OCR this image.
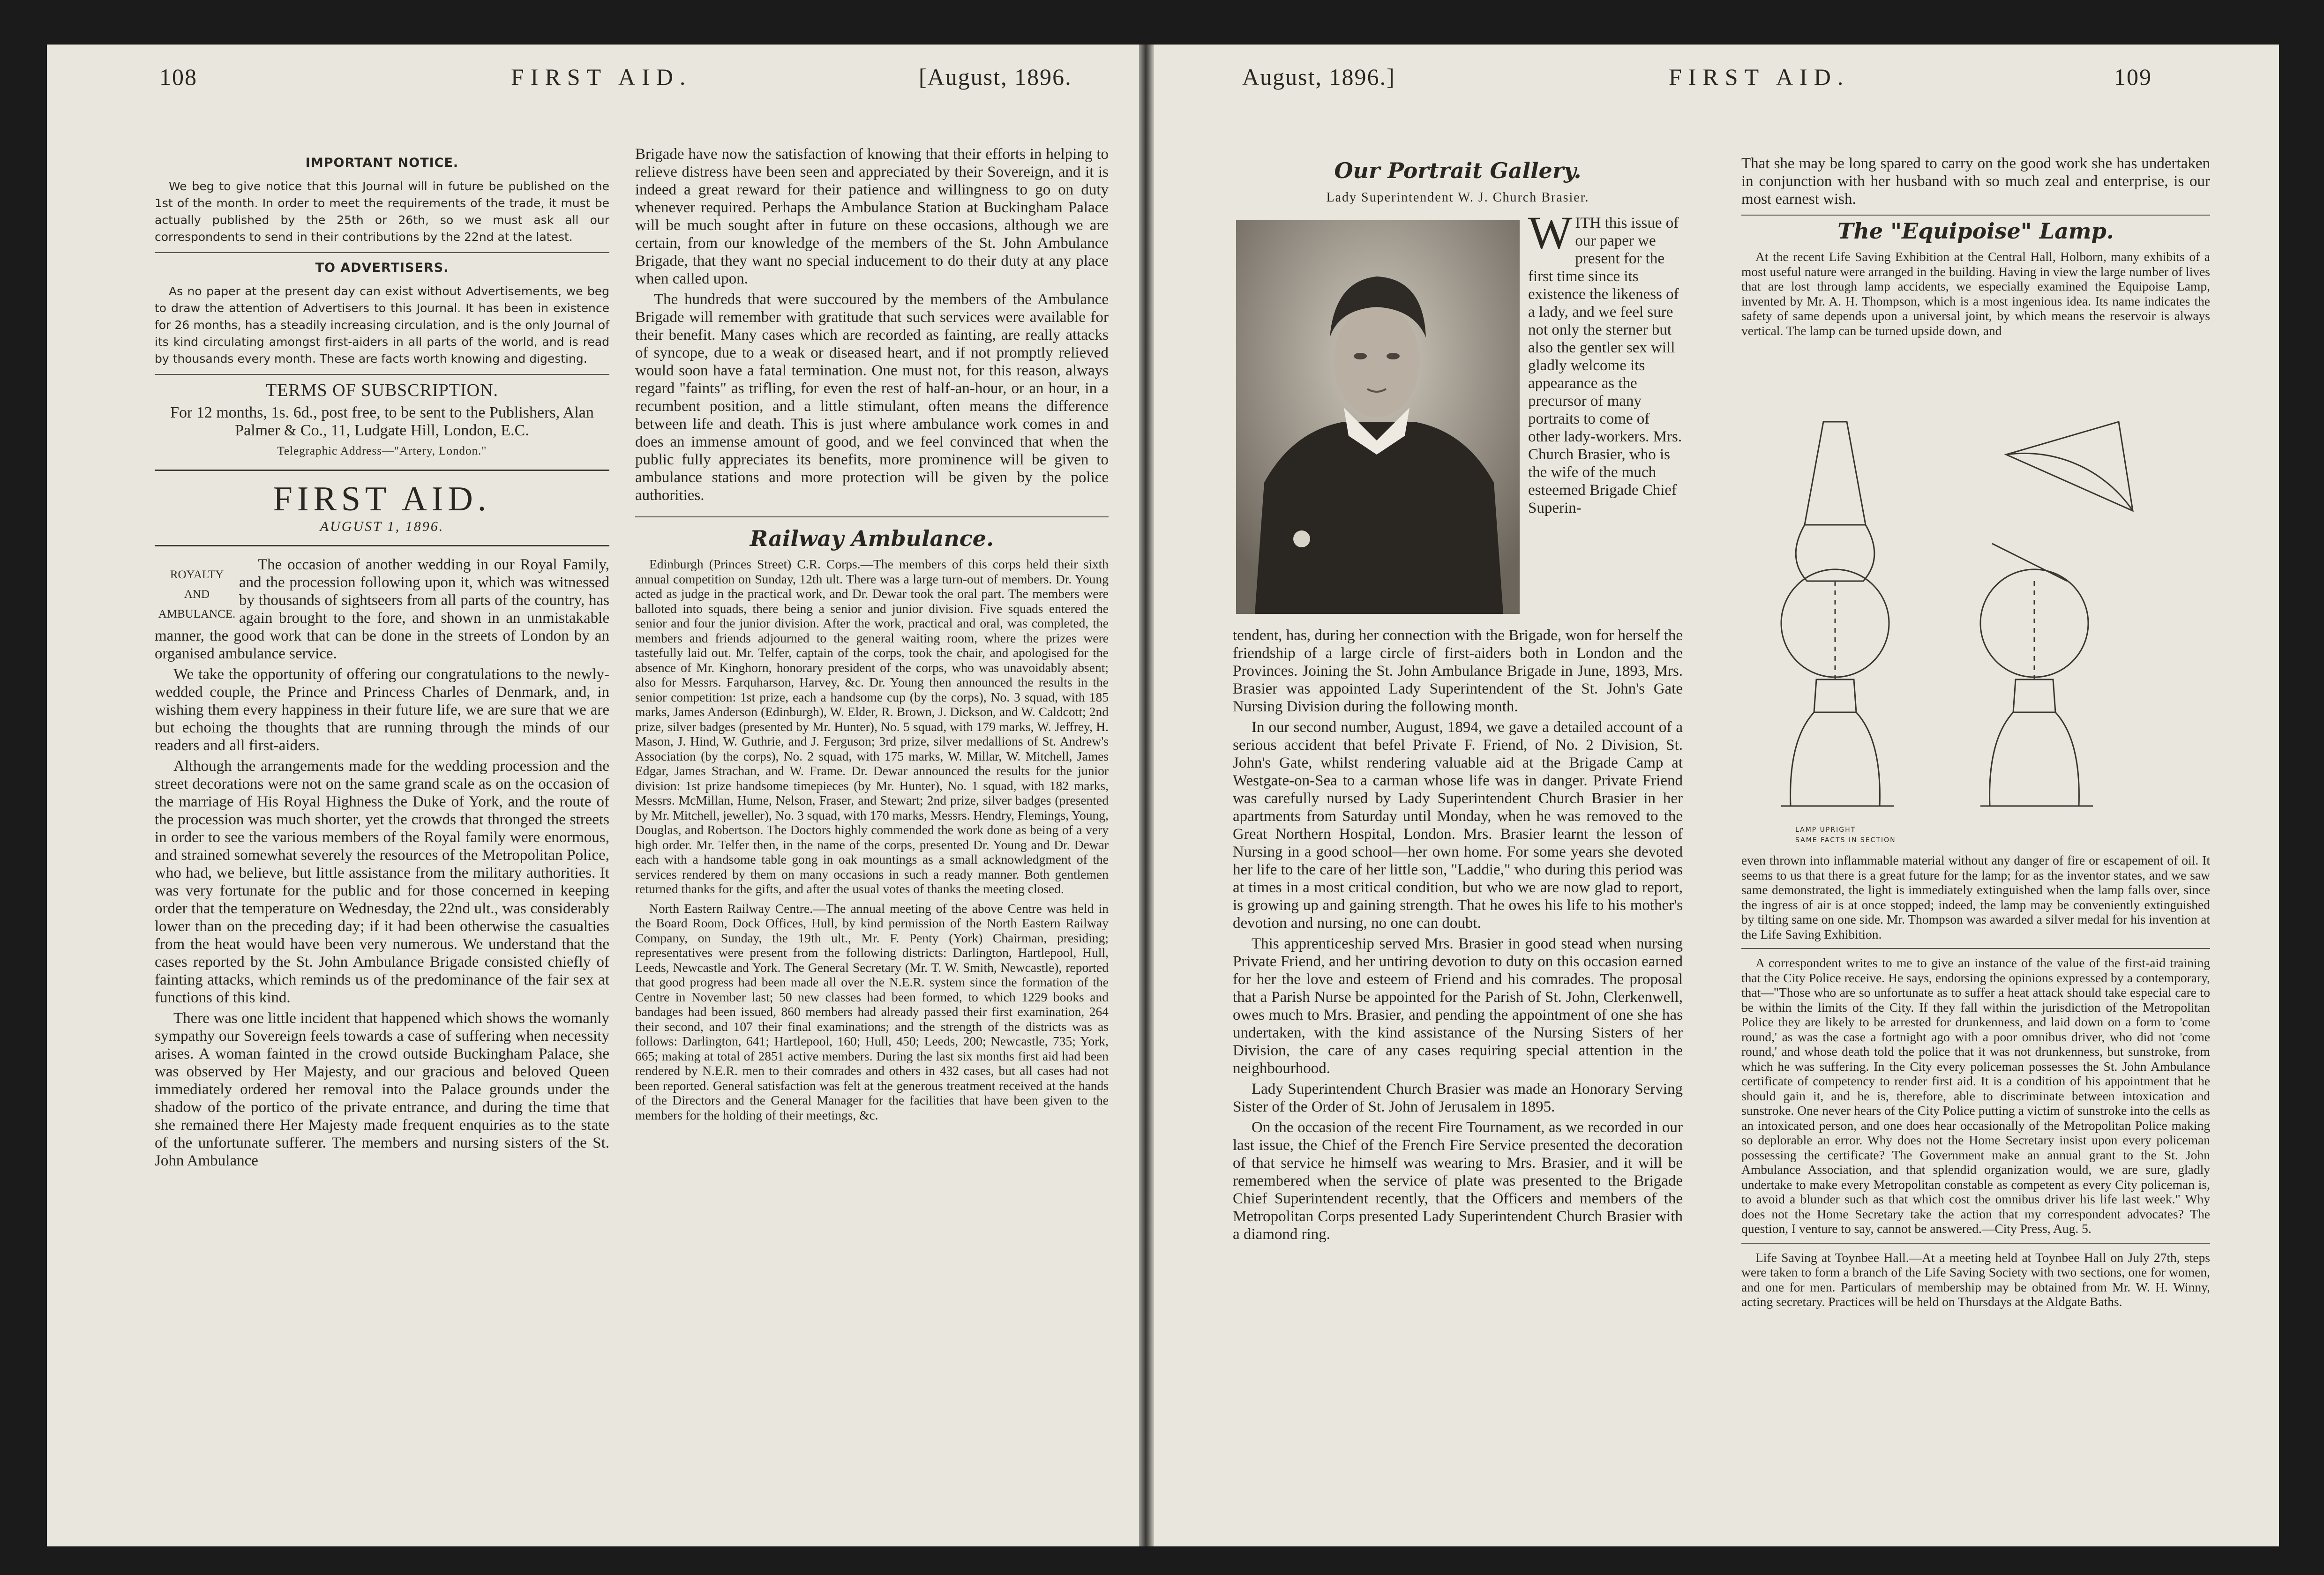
108	FIRST AID.	[August, 1896.
IMPORTANT NOTICE.

We beg to give notice that this Journal will in future be published on the 1st of the month. In order to meet the requirements of the trade, it must be actually published by the 25th or 26th, so we must ask all our correspondents to send in their contributions by the 22nd at the latest.

TO ADVERTISERS.

As no paper at the present day can exist without Advertisements, we beg to draw the attention of Advertisers to this Journal. It has been in existence for 26 months, has a steadily increasing circulation, and is the only Journal of its kind circulating amongst first-aiders in all parts of the world, and is read by thousands every month. These are facts worth knowing and digesting.

TERMS OF SUBSCRIPTION.

For 12 months, 1s. 6d., post free, to be sent to the Publishers, Alan Palmer & Co., 11, Ludgate Hill, London, E.C.

Telegraphic Address—"Artery, London."
FIRST AID.
AUGUST 1, 1896.
ROYALTY
AND
AMBULANCE.

The occasion of another wedding in our Royal Family, and the procession following upon it, which was witnessed by thousands of sightseers from all parts of the country, has again brought to the fore, and shown in an unmistakable manner, the good work that can be done in the streets of London by an organised ambulance service.

We take the opportunity of offering our congratulations to the newly-wedded couple, the Prince and Princess Charles of Denmark, and, in wishing them every happiness in their future life, we are sure that we are but echoing the thoughts that are running through the minds of our readers and all first-aiders.

Although the arrangements made for the wedding procession and the street decorations were not on the same grand scale as on the occasion of the marriage of His Royal Highness the Duke of York, and the route of the procession was much shorter, yet the crowds that thronged the streets in order to see the various members of the Royal family were enormous, and strained somewhat severely the resources of the Metropolitan Police, who had, we believe, but little assistance from the military authorities. It was very fortunate for the public and for those concerned in keeping order that the temperature on Wednesday, the 22nd ult., was considerably lower than on the preceding day; if it had been otherwise the casualties from the heat would have been very numerous. We understand that the cases reported by the St. John Ambulance Brigade consisted chiefly of fainting attacks, which reminds us of the predominance of the fair sex at functions of this kind.

There was one little incident that happened which shows the womanly sympathy our Sovereign feels towards a case of suffering when necessity arises. A woman fainted in the crowd outside Buckingham Palace, she was observed by Her Majesty, and our gracious and beloved Queen immediately ordered her removal into the Palace grounds under the shadow of the portico of the private entrance, and during the time that she remained there Her Majesty made frequent enquiries as to the state of the unfortunate sufferer. The members and nursing sisters of the St. John Ambulance

Brigade have now the satisfaction of knowing that their efforts in helping to relieve distress have been seen and appreciated by their Sovereign, and it is indeed a great reward for their patience and willingness to go on duty whenever required. Perhaps the Ambulance Station at Buckingham Palace will be much sought after in future on these occasions, although we are certain, from our knowledge of the members of the St. John Ambulance Brigade, that they want no special inducement to do their duty at any place when called upon.

The hundreds that were succoured by the members of the Ambulance Brigade will remember with gratitude that such services were available for their benefit. Many cases which are recorded as fainting, are really attacks of syncope, due to a weak or diseased heart, and if not promptly relieved would soon have a fatal termination. One must not, for this reason, always regard "faints" as trifling, for even the rest of half-an-hour, or an hour, in a recumbent position, and a little stimulant, often means the difference between life and death. This is just where ambulance work comes in and does an immense amount of good, and we feel convinced that when the public fully appreciates its benefits, more prominence will be given to ambulance stations and more protection will be given by the police authorities.

Railway Ambulance.

Edinburgh (Princes Street) C.R. Corps.—The members of this corps held their sixth annual competition on Sunday, 12th ult. There was a large turn-out of members. Dr. Young acted as judge in the practical work, and Dr. Dewar took the oral part. The members were balloted into squads, there being a senior and junior division. Five squads entered the senior and four the junior division. After the work, practical and oral, was completed, the members and friends adjourned to the general waiting room, where the prizes were tastefully laid out. Mr. Telfer, captain of the corps, took the chair, and apologised for the absence of Mr. Kinghorn, honorary president of the corps, who was unavoidably absent; also for Messrs. Farquharson, Harvey, &c. Dr. Young then announced the results in the senior competition: 1st prize, each a handsome cup (by the corps), No. 3 squad, with 185 marks, James Anderson (Edinburgh), W. Elder, R. Brown, J. Dickson, and W. Caldcott; 2nd prize, silver badges (presented by Mr. Hunter), No. 5 squad, with 179 marks, W. Jeffrey, H. Mason, J. Hind, W. Guthrie, and J. Ferguson; 3rd prize, silver medallions of St. Andrew's Association (by the corps), No. 2 squad, with 175 marks, W. Millar, W. Mitchell, James Edgar, James Strachan, and W. Frame. Dr. Dewar announced the results for the junior division: 1st prize handsome timepieces (by Mr. Hunter), No. 1 squad, with 182 marks, Messrs. McMillan, Hume, Nelson, Fraser, and Stewart; 2nd prize, silver badges (presented by Mr. Mitchell, jeweller), No. 3 squad, with 170 marks, Messrs. Hendry, Flemings, Young, Douglas, and Robertson. The Doctors highly commended the work done as being of a very high order. Mr. Telfer then, in the name of the corps, presented Dr. Young and Dr. Dewar each with a handsome table gong in oak mountings as a small acknowledgment of the services rendered by them on many occasions in such a ready manner. Both gentlemen returned thanks for the gifts, and after the usual votes of thanks the meeting closed.

North Eastern Railway Centre.—The annual meeting of the above Centre was held in the Board Room, Dock Offices, Hull, by kind permission of the North Eastern Railway Company, on Sunday, the 19th ult., Mr. F. Penty (York) Chairman, presiding; representatives were present from the following districts: Darlington, Hartlepool, Hull, Leeds, Newcastle and York. The General Secretary (Mr. T. W. Smith, Newcastle), reported that good progress had been made all over the N.E.R. system since the formation of the Centre in November last; 50 new classes had been formed, to which 1229 books and bandages had been issued, 860 members had already passed their first examination, 264 their second, and 107 their final examinations; and the strength of the districts was as follows: Darlington, 641; Hartlepool, 160; Hull, 450; Leeds, 200; Newcastle, 735; York, 665; making at total of 2851 active members. During the last six months first aid had been rendered by N.E.R. men to their comrades and others in 432 cases, but all cases had not been reported. General satisfaction was felt at the generous treatment received at the hands of the Directors and the General Manager for the facilities that have been given to the members for the holding of their meetings, &c.

August, 1896.]	FIRST AID.	109
Our Portrait Gallery.
Lady Superintendent W. J. Church Brasier.

WITH this issue of our paper we present for the first time since its existence the likeness of a lady, and we feel sure not only the sterner but also the gentler sex will gladly welcome its appearance as the precursor of many portraits to come of other lady-workers. Mrs. Church Brasier, who is the wife of the much esteemed Brigade Chief Superin-

tendent, has, during her connection with the Brigade, won for herself the friendship of a large circle of first-aiders both in London and the Provinces. Joining the St. John Ambulance Brigade in June, 1893, Mrs. Brasier was appointed Lady Superintendent of the St. John's Gate Nursing Division during the following month.

In our second number, August, 1894, we gave a detailed account of a serious accident that befel Private F. Friend, of No. 2 Division, St. John's Gate, whilst rendering valuable aid at the Brigade Camp at Westgate-on-Sea to a carman whose life was in danger. Private Friend was carefully nursed by Lady Superintendent Church Brasier in her apartments from Saturday until Monday, when he was removed to the Great Northern Hospital, London. Mrs. Brasier learnt the lesson of Nursing in a good school—her own home. For some years she devoted her life to the care of her little son, "Laddie," who during this period was at times in a most critical condition, but who we are now glad to report, is growing up and gaining strength. That he owes his life to his mother's devotion and nursing, no one can doubt.

This apprenticeship served Mrs. Brasier in good stead when nursing Private Friend, and her untiring devotion to duty on this occasion earned for her the love and esteem of Friend and his comrades. The proposal that a Parish Nurse be appointed for the Parish of St. John, Clerkenwell, owes much to Mrs. Brasier, and pending the appointment of one she has undertaken, with the kind assistance of the Nursing Sisters of her Division, the care of any cases requiring special attention in the neighbourhood.

Lady Superintendent Church Brasier was made an Honorary Serving Sister of the Order of St. John of Jerusalem in 1895.

On the occasion of the recent Fire Tournament, as we recorded in our last issue, the Chief of the French Fire Service presented the decoration of that service he himself was wearing to Mrs. Brasier, and it will be remembered when the service of plate was presented to the Brigade Chief Superintendent recently, that the Officers and members of the Metropolitan Corps presented Lady Superintendent Church Brasier with a diamond ring.

That she may be long spared to carry on the good work she has undertaken in conjunction with her husband with so much zeal and enterprise, is our most earnest wish.

The "Equipoise" Lamp.

At the recent Life Saving Exhibition at the Central Hall, Holborn, many exhibits of a most useful nature were arranged in the building. Having in view the large number of lives that are lost through lamp accidents, we especially examined the Equipoise Lamp, invented by Mr. A. H. Thompson, which is a most ingenious idea. Its name indicates the safety of same depends upon a universal joint, by which means the reservoir is always vertical. The lamp can be turned upside down, and

LAMP UPRIGHT
SAME FACTS IN SECTION

even thrown into inflammable material without any danger of fire or escapement of oil. It seems to us that there is a great future for the lamp; for as the inventor states, and we saw same demonstrated, the light is immediately extinguished when the lamp falls over, since the ingress of air is at once stopped; indeed, the lamp may be conveniently extinguished by tilting same on one side. Mr. Thompson was awarded a silver medal for his invention at the Life Saving Exhibition.

A correspondent writes to me to give an instance of the value of the first-aid training that the City Police receive. He says, endorsing the opinions expressed by a contemporary, that—"Those who are so unfortunate as to suffer a heat attack should take especial care to be within the limits of the City. If they fall within the jurisdiction of the Metropolitan Police they are likely to be arrested for drunkenness, and laid down on a form to 'come round,' as was the case a fortnight ago with a poor omnibus driver, who did not 'come round,' and whose death told the police that it was not drunkenness, but sunstroke, from which he was suffering. In the City every policeman possesses the St. John Ambulance certificate of competency to render first aid. It is a condition of his appointment that he should gain it, and he is, therefore, able to discriminate between intoxication and sunstroke. One never hears of the City Police putting a victim of sunstroke into the cells as an intoxicated person, and one does hear occasionally of the Metropolitan Police making so deplorable an error. Why does not the Home Secretary insist upon every policeman possessing the certificate? The Government make an annual grant to the St. John Ambulance Association, and that splendid organization would, we are sure, gladly undertake to make every Metropolitan constable as competent as every City policeman is, to avoid a blunder such as that which cost the omnibus driver his life last week." Why does not the Home Secretary take the action that my correspondent advocates? The question, I venture to say, cannot be answered.—City Press, Aug. 5.

Life Saving at Toynbee Hall.—At a meeting held at Toynbee Hall on July 27th, steps were taken to form a branch of the Life Saving Society with two sections, one for women, and one for men. Particulars of membership may be obtained from Mr. W. H. Winny, acting secretary. Practices will be held on Thursdays at the Aldgate Baths.
